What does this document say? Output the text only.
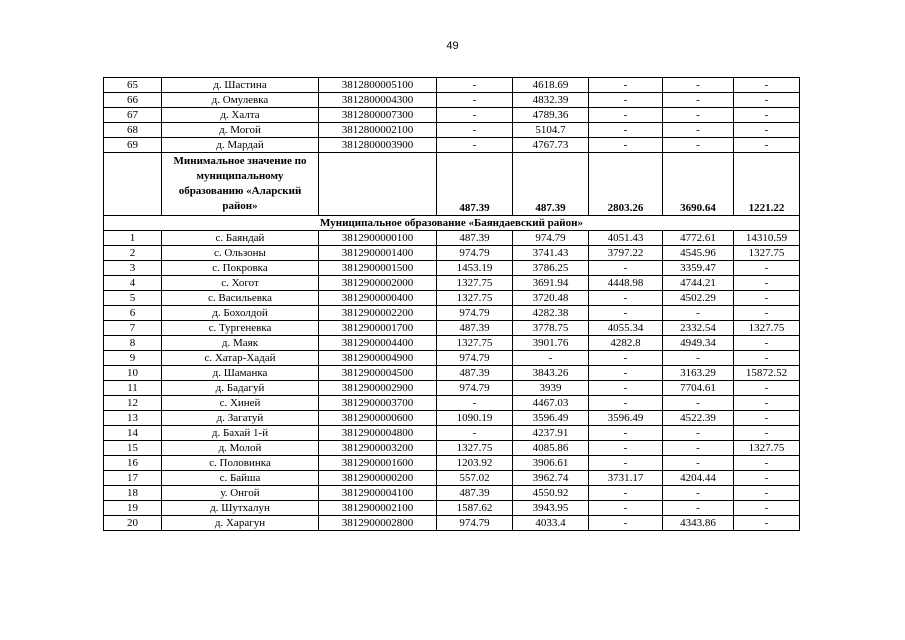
49
65	д. Шастина	3812800005100	-	4618.69	-	-	-
66	д. Омулевка	3812800004300	-	4832.39	-	-	-
67	д. Халта	3812800007300	-	4789.36	-	-	-
68	д. Могой	3812800002100	-	5104.7	-	-	-
69	д. Мардай	3812800003900	-	4767.73	-	-	-
	Минимальное значение по муниципальному образованию «Аларский район»		487.39	487.39	2803.26	3690.64	1221.22
Муниципальное образование «Баяндаевский район»							
1	с. Баяндай	3812900000100	487.39	974.79	4051.43	4772.61	14310.59
2	с. Ользоны	3812900001400	974.79	3741.43	3797.22	4545.96	1327.75
3	с. Покровка	3812900001500	1453.19	3786.25	-	3359.47	-
4	с. Хогот	3812900002000	1327.75	3691.94	4448.98	4744.21	-
5	с. Васильевка	3812900000400	1327.75	3720.48	-	4502.29	-
6	д. Бохолдой	3812900002200	974.79	4282.38	-	-	-
7	с. Тургеневка	3812900001700	487.39	3778.75	4055.34	2332.54	1327.75
8	д. Маяк	3812900004400	1327.75	3901.76	4282.8	4949.34	-
9	с. Хатар-Хадай	3812900004900	974.79	-	-	-	-
10	д. Шаманка	3812900004500	487.39	3843.26	-	3163.29	15872.52
11	д. Бадагуй	3812900002900	974.79	3939	-	7704.61	-
12	с. Хиней	3812900003700	-	4467.03	-	-	-
13	д. Загатуй	3812900000600	1090.19	3596.49	3596.49	4522.39	-
14	д. Бахай 1-й	3812900004800	-	4237.91	-	-	-
15	д. Молой	3812900003200	1327.75	4085.86	-	-	1327.75
16	с. Половинка	3812900001600	1203.92	3906.61	-	-	-
17	с. Байша	3812900000200	557.02	3962.74	3731.17	4204.44	-
18	у. Онгой	3812900004100	487.39	4550.92	-	-	-
19	д. Шутхалун	3812900002100	1587.62	3943.95	-	-	-
20	д. Харагун	3812900002800	974.79	4033.4	-	4343.86	-
